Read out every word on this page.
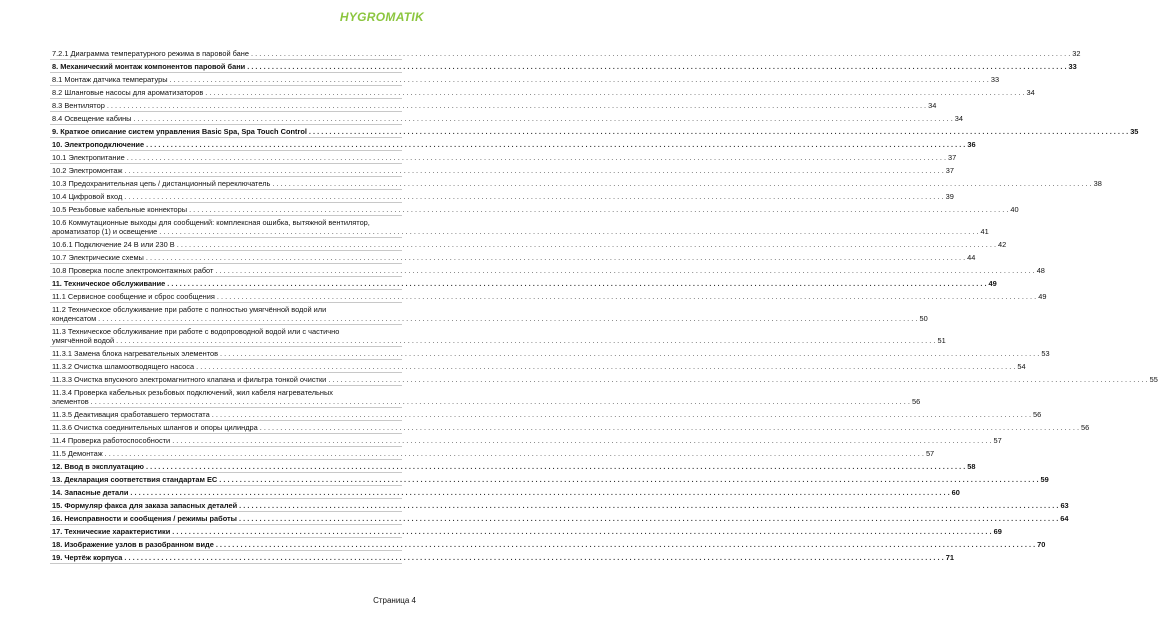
HYGROMATIK
7.2.1 Диаграмма температурного режима в паровой бане . . . . . . . . . . . . . . . . . . . . . . . . . . . . . . . . . . . . . . . . . . . . . . . . . . . . . . . . . . . . . . . . . . . . . . . . . . . . . . . . . . . . . . . . . . . . . . . . . . . . . . . . . . . . . . . . . . . . . . . . . . . . . . . . . . . . . . . . . . . . . . . . . . . . . . . . . . . . . . . . . . . . . . . . . . . . . . . . . . . . . . . . . . . . . . . . . . . . . . . . 32
8. Механический монтаж компонентов паровой бани . . . . . . . . . . . . . . . . . . . . . . . . . . . . . . . . . . . . . . . . . . . . . . . . . . . . . . . . . . . . . . . . . . . . . . . . . . . . . . . . . . . . . . . . . . . . . . . . . . . . . . . . . . . . . . . . . . . . . . . . . . . . . . . . . . . . . . . . . . . . . . . . . . . . . . . . . . . . . . . . . . . . . . . . . . . . . . . . . . . . . . . . . . . . . . . . . . . . . . . . 33
8.1 Монтаж датчика температуры . . . . . . . . . . . . . . . . . . . . . . . . . . . . . . . . . . . . . . . . . . . . . . . . . . . . . . . . . . . . . . . . . . . . . . . . . . . . . . . . . . . . . . . . . . . . . . . . . . . . . . . . . . . . . . . . . . . . . . . . . . . . . . . . . . . . . . . . . . . . . . . . . . . . . . . . . . . . . . . . . . . . . . . . . . . . . . . . . . . . . . . . . . . . . . . . . . . . . . . . 33
8.2 Шланговые насосы для ароматизаторов . . . . . . . . . . . . . . . . . . . . . . . . . . . . . . . . . . . . . . . . . . . . . . . . . . . . . . . . . . . . . . . . . . . . . . . . . . . . . . . . . . . . . . . . . . . . . . . . . . . . . . . . . . . . . . . . . . . . . . . . . . . . . . . . . . . . . . . . . . . . . . . . . . . . . . . . . . . . . . . . . . . . . . . . . . . . . . . . . . . . . . . . . . . . . . . . . . . . . . . . 34
8.3 Вентилятор . . . . . . . . . . . . . . . . . . . . . . . . . . . . . . . . . . . . . . . . . . . . . . . . . . . . . . . . . . . . . . . . . . . . . . . . . . . . . . . . . . . . . . . . . . . . . . . . . . . . . . . . . . . . . . . . . . . . . . . . . . . . . . . . . . . . . . . . . . . . . . . . . . . . . . . . . . . . . . . . . . . . . . . . . . . . . . . . . . . . . . . . . . . . . . . . . . . . . . . . 34
8.4 Освещение кабины . . . . . . . . . . . . . . . . . . . . . . . . . . . . . . . . . . . . . . . . . . . . . . . . . . . . . . . . . . . . . . . . . . . . . . . . . . . . . . . . . . . . . . . . . . . . . . . . . . . . . . . . . . . . . . . . . . . . . . . . . . . . . . . . . . . . . . . . . . . . . . . . . . . . . . . . . . . . . . . . . . . . . . . . . . . . . . . . . . . . . . . . . . . . . . . . . . . . . . . . 34
9. Краткое описание систем управления Basic Spa, Spa Touch Control . . . . . . . . . . . . . . . . . . . . . . . . . . . . . . . . . . . . . . . . . . . . . . . . . . . . . . . . . . . . . . . . . . . . . . . . . . . . . . . . . . . . . . . . . . . . . . . . . . . . . . . . . . . . . . . . . . . . . . . . . . . . . . . . . . . . . . . . . . . . . . . . . . . . . . . . . . . . . . . . . . . . . . . . . . . . . . . . . . . . . . . . . . . . . . . . . . . . . . . . 35
10. Электроподключение . . . . . . . . . . . . . . . . . . . . . . . . . . . . . . . . . . . . . . . . . . . . . . . . . . . . . . . . . . . . . . . . . . . . . . . . . . . . . . . . . . . . . . . . . . . . . . . . . . . . . . . . . . . . . . . . . . . . . . . . . . . . . . . . . . . . . . . . . . . . . . . . . . . . . . . . . . . . . . . . . . . . . . . . . . . . . . . . . . . . . . . . . . . . . . . . . . . . . . . . 36
10.1 Электропитание . . . . . . . . . . . . . . . . . . . . . . . . . . . . . . . . . . . . . . . . . . . . . . . . . . . . . . . . . . . . . . . . . . . . . . . . . . . . . . . . . . . . . . . . . . . . . . . . . . . . . . . . . . . . . . . . . . . . . . . . . . . . . . . . . . . . . . . . . . . . . . . . . . . . . . . . . . . . . . . . . . . . . . . . . . . . . . . . . . . . . . . . . . . . . . . . . . . . . . . . 37
10.2 Электромонтаж . . . . . . . . . . . . . . . . . . . . . . . . . . . . . . . . . . . . . . . . . . . . . . . . . . . . . . . . . . . . . . . . . . . . . . . . . . . . . . . . . . . . . . . . . . . . . . . . . . . . . . . . . . . . . . . . . . . . . . . . . . . . . . . . . . . . . . . . . . . . . . . . . . . . . . . . . . . . . . . . . . . . . . . . . . . . . . . . . . . . . . . . . . . . . . . . . . . . . . . . 37
10.3 Предохранительная цепь / дистанционный переключатель . . . . . . . . . . . . . . . . . . . . . . . . . . . . . . . . . . . . . . . . . . . . . . . . . . . . . . . . . . . . . . . . . . . . . . . . . . . . . . . . . . . . . . . . . . . . . . . . . . . . . . . . . . . . . . . . . . . . . . . . . . . . . . . . . . . . . . . . . . . . . . . . . . . . . . . . . . . . . . . . . . . . . . . . . . . . . . . . . . . . . . . . . . . . . . . . . . . . . . . . 38
10.4 Цифровой вход . . . . . . . . . . . . . . . . . . . . . . . . . . . . . . . . . . . . . . . . . . . . . . . . . . . . . . . . . . . . . . . . . . . . . . . . . . . . . . . . . . . . . . . . . . . . . . . . . . . . . . . . . . . . . . . . . . . . . . . . . . . . . . . . . . . . . . . . . . . . . . . . . . . . . . . . . . . . . . . . . . . . . . . . . . . . . . . . . . . . . . . . . . . . . . . . . . . . . . . . 39
10.5 Резьбовые кабельные коннекторы . . . . . . . . . . . . . . . . . . . . . . . . . . . . . . . . . . . . . . . . . . . . . . . . . . . . . . . . . . . . . . . . . . . . . . . . . . . . . . . . . . . . . . . . . . . . . . . . . . . . . . . . . . . . . . . . . . . . . . . . . . . . . . . . . . . . . . . . . . . . . . . . . . . . . . . . . . . . . . . . . . . . . . . . . . . . . . . . . . . . . . . . . . . . . . . . . . . . . . . . 40
10.6 Коммутационные выходы для сообщений: комплексная ошибка, вытяжной вентилятор,
ароматизатор (1) и освещение . . . . . . . . . . . . . . . . . . . . . . . . . . . . . . . . . . . . . . . . . . . . . . . . . . . . . . . . . . . . . . . . . . . . . . . . . . . . . . . . . . . . . . . . . . . . . . . . . . . . . . . . . . . . . . . . . . . . . . . . . . . . . . . . . . . . . . . . . . . . . . . . . . . . . . . . . . . . . . . . . . . . . . . . . . . . . . . . . . . . . . . . . . . . . . . . . . . . . . . . 41
10.6.1 Подключение 24 В или 230 В . . . . . . . . . . . . . . . . . . . . . . . . . . . . . . . . . . . . . . . . . . . . . . . . . . . . . . . . . . . . . . . . . . . . . . . . . . . . . . . . . . . . . . . . . . . . . . . . . . . . . . . . . . . . . . . . . . . . . . . . . . . . . . . . . . . . . . . . . . . . . . . . . . . . . . . . . . . . . . . . . . . . . . . . . . . . . . . . . . . . . . . . . . . . . . . . . . . . . . . . 42
10.7 Электрические схемы . . . . . . . . . . . . . . . . . . . . . . . . . . . . . . . . . . . . . . . . . . . . . . . . . . . . . . . . . . . . . . . . . . . . . . . . . . . . . . . . . . . . . . . . . . . . . . . . . . . . . . . . . . . . . . . . . . . . . . . . . . . . . . . . . . . . . . . . . . . . . . . . . . . . . . . . . . . . . . . . . . . . . . . . . . . . . . . . . . . . . . . . . . . . . . . . . . . . . . . . 44
10.8 Проверка после электромонтажных работ . . . . . . . . . . . . . . . . . . . . . . . . . . . . . . . . . . . . . . . . . . . . . . . . . . . . . . . . . . . . . . . . . . . . . . . . . . . . . . . . . . . . . . . . . . . . . . . . . . . . . . . . . . . . . . . . . . . . . . . . . . . . . . . . . . . . . . . . . . . . . . . . . . . . . . . . . . . . . . . . . . . . . . . . . . . . . . . . . . . . . . . . . . . . . . . . . . . . . . . . 48
11. Техническое обслуживание . . . . . . . . . . . . . . . . . . . . . . . . . . . . . . . . . . . . . . . . . . . . . . . . . . . . . . . . . . . . . . . . . . . . . . . . . . . . . . . . . . . . . . . . . . . . . . . . . . . . . . . . . . . . . . . . . . . . . . . . . . . . . . . . . . . . . . . . . . . . . . . . . . . . . . . . . . . . . . . . . . . . . . . . . . . . . . . . . . . . . . . . . . . . . . . . . . . . . . . . 49
11.1 Сервисное сообщение и сброс сообщения . . . . . . . . . . . . . . . . . . . . . . . . . . . . . . . . . . . . . . . . . . . . . . . . . . . . . . . . . . . . . . . . . . . . . . . . . . . . . . . . . . . . . . . . . . . . . . . . . . . . . . . . . . . . . . . . . . . . . . . . . . . . . . . . . . . . . . . . . . . . . . . . . . . . . . . . . . . . . . . . . . . . . . . . . . . . . . . . . . . . . . . . . . . . . . . . . . . . . . . . 49
11.2 Техническое обслуживание при работе с полностью умягчённой водой или
конденсатом . . . . . . . . . . . . . . . . . . . . . . . . . . . . . . . . . . . . . . . . . . . . . . . . . . . . . . . . . . . . . . . . . . . . . . . . . . . . . . . . . . . . . . . . . . . . . . . . . . . . . . . . . . . . . . . . . . . . . . . . . . . . . . . . . . . . . . . . . . . . . . . . . . . . . . . . . . . . . . . . . . . . . . . . . . . . . . . . . . . . . . . . . . . . . . . . . . . . . . . . 50
11.3 Техническое обслуживание при работе с водопроводной водой или с частично
умягчённой водой . . . . . . . . . . . . . . . . . . . . . . . . . . . . . . . . . . . . . . . . . . . . . . . . . . . . . . . . . . . . . . . . . . . . . . . . . . . . . . . . . . . . . . . . . . . . . . . . . . . . . . . . . . . . . . . . . . . . . . . . . . . . . . . . . . . . . . . . . . . . . . . . . . . . . . . . . . . . . . . . . . . . . . . . . . . . . . . . . . . . . . . . . . . . . . . . . . . . . . . . 51
11.3.1 Замена блока нагревательных элементов . . . . . . . . . . . . . . . . . . . . . . . . . . . . . . . . . . . . . . . . . . . . . . . . . . . . . . . . . . . . . . . . . . . . . . . . . . . . . . . . . . . . . . . . . . . . . . . . . . . . . . . . . . . . . . . . . . . . . . . . . . . . . . . . . . . . . . . . . . . . . . . . . . . . . . . . . . . . . . . . . . . . . . . . . . . . . . . . . . . . . . . . . . . . . . . . . . . . . . . . 53
11.3.2 Очистка шламоотводящего насоса . . . . . . . . . . . . . . . . . . . . . . . . . . . . . . . . . . . . . . . . . . . . . . . . . . . . . . . . . . . . . . . . . . . . . . . . . . . . . . . . . . . . . . . . . . . . . . . . . . . . . . . . . . . . . . . . . . . . . . . . . . . . . . . . . . . . . . . . . . . . . . . . . . . . . . . . . . . . . . . . . . . . . . . . . . . . . . . . . . . . . . . . . . . . . . . . . . . . . . . . 54
11.3.3 Очистка впускного электромагнитного клапана и фильтра тонкой очистки . . . . . . . . . . . . . . . . . . . . . . . . . . . . . . . . . . . . . . . . . . . . . . . . . . . . . . . . . . . . . . . . . . . . . . . . . . . . . . . . . . . . . . . . . . . . . . . . . . . . . . . . . . . . . . . . . . . . . . . . . . . . . . . . . . . . . . . . . . . . . . . . . . . . . . . . . . . . . . . . . . . . . . . . . . . . . . . . . . . . . . . . . . . . . . . . . . . . . . . . 55
11.3.4 Проверка кабельных резьбовых подключений, жил кабеля нагревательных
элементов . . . . . . . . . . . . . . . . . . . . . . . . . . . . . . . . . . . . . . . . . . . . . . . . . . . . . . . . . . . . . . . . . . . . . . . . . . . . . . . . . . . . . . . . . . . . . . . . . . . . . . . . . . . . . . . . . . . . . . . . . . . . . . . . . . . . . . . . . . . . . . . . . . . . . . . . . . . . . . . . . . . . . . . . . . . . . . . . . . . . . . . . . . . . . . . . . . . . . . . . 56
11.3.5 Деактивация сработавшего термостата . . . . . . . . . . . . . . . . . . . . . . . . . . . . . . . . . . . . . . . . . . . . . . . . . . . . . . . . . . . . . . . . . . . . . . . . . . . . . . . . . . . . . . . . . . . . . . . . . . . . . . . . . . . . . . . . . . . . . . . . . . . . . . . . . . . . . . . . . . . . . . . . . . . . . . . . . . . . . . . . . . . . . . . . . . . . . . . . . . . . . . . . . . . . . . . . . . . . . . . . 56
11.3.6 Очистка соединительных шлангов и опоры цилиндра . . . . . . . . . . . . . . . . . . . . . . . . . . . . . . . . . . . . . . . . . . . . . . . . . . . . . . . . . . . . . . . . . . . . . . . . . . . . . . . . . . . . . . . . . . . . . . . . . . . . . . . . . . . . . . . . . . . . . . . . . . . . . . . . . . . . . . . . . . . . . . . . . . . . . . . . . . . . . . . . . . . . . . . . . . . . . . . . . . . . . . . . . . . . . . . . . . . . . . . . 56
11.4 Проверка работоспособности . . . . . . . . . . . . . . . . . . . . . . . . . . . . . . . . . . . . . . . . . . . . . . . . . . . . . . . . . . . . . . . . . . . . . . . . . . . . . . . . . . . . . . . . . . . . . . . . . . . . . . . . . . . . . . . . . . . . . . . . . . . . . . . . . . . . . . . . . . . . . . . . . . . . . . . . . . . . . . . . . . . . . . . . . . . . . . . . . . . . . . . . . . . . . . . . . . . . . . . . 57
11.5 Демонтаж . . . . . . . . . . . . . . . . . . . . . . . . . . . . . . . . . . . . . . . . . . . . . . . . . . . . . . . . . . . . . . . . . . . . . . . . . . . . . . . . . . . . . . . . . . . . . . . . . . . . . . . . . . . . . . . . . . . . . . . . . . . . . . . . . . . . . . . . . . . . . . . . . . . . . . . . . . . . . . . . . . . . . . . . . . . . . . . . . . . . . . . . . . . . . . . . . . . . . . . . 57
12. Ввод в эксплуатацию . . . . . . . . . . . . . . . . . . . . . . . . . . . . . . . . . . . . . . . . . . . . . . . . . . . . . . . . . . . . . . . . . . . . . . . . . . . . . . . . . . . . . . . . . . . . . . . . . . . . . . . . . . . . . . . . . . . . . . . . . . . . . . . . . . . . . . . . . . . . . . . . . . . . . . . . . . . . . . . . . . . . . . . . . . . . . . . . . . . . . . . . . . . . . . . . . . . . . . . . 58
13. Декларация соответствия стандартам ЕС . . . . . . . . . . . . . . . . . . . . . . . . . . . . . . . . . . . . . . . . . . . . . . . . . . . . . . . . . . . . . . . . . . . . . . . . . . . . . . . . . . . . . . . . . . . . . . . . . . . . . . . . . . . . . . . . . . . . . . . . . . . . . . . . . . . . . . . . . . . . . . . . . . . . . . . . . . . . . . . . . . . . . . . . . . . . . . . . . . . . . . . . . . . . . . . . . . . . . . . . 59
14. Запасные детали . . . . . . . . . . . . . . . . . . . . . . . . . . . . . . . . . . . . . . . . . . . . . . . . . . . . . . . . . . . . . . . . . . . . . . . . . . . . . . . . . . . . . . . . . . . . . . . . . . . . . . . . . . . . . . . . . . . . . . . . . . . . . . . . . . . . . . . . . . . . . . . . . . . . . . . . . . . . . . . . . . . . . . . . . . . . . . . . . . . . . . . . . . . . . . . . . . . . . . . . 60
15. Формуляр факса для заказа запасных деталей . . . . . . . . . . . . . . . . . . . . . . . . . . . . . . . . . . . . . . . . . . . . . . . . . . . . . . . . . . . . . . . . . . . . . . . . . . . . . . . . . . . . . . . . . . . . . . . . . . . . . . . . . . . . . . . . . . . . . . . . . . . . . . . . . . . . . . . . . . . . . . . . . . . . . . . . . . . . . . . . . . . . . . . . . . . . . . . . . . . . . . . . . . . . . . . . . . . . . . . . 63
16. Неисправности и сообщения / режимы работы . . . . . . . . . . . . . . . . . . . . . . . . . . . . . . . . . . . . . . . . . . . . . . . . . . . . . . . . . . . . . . . . . . . . . . . . . . . . . . . . . . . . . . . . . . . . . . . . . . . . . . . . . . . . . . . . . . . . . . . . . . . . . . . . . . . . . . . . . . . . . . . . . . . . . . . . . . . . . . . . . . . . . . . . . . . . . . . . . . . . . . . . . . . . . . . . . . . . . . . . 64
17. Технические характеристики . . . . . . . . . . . . . . . . . . . . . . . . . . . . . . . . . . . . . . . . . . . . . . . . . . . . . . . . . . . . . . . . . . . . . . . . . . . . . . . . . . . . . . . . . . . . . . . . . . . . . . . . . . . . . . . . . . . . . . . . . . . . . . . . . . . . . . . . . . . . . . . . . . . . . . . . . . . . . . . . . . . . . . . . . . . . . . . . . . . . . . . . . . . . . . . . . . . . . . . . 69
18. Изображение узлов в разобранном виде . . . . . . . . . . . . . . . . . . . . . . . . . . . . . . . . . . . . . . . . . . . . . . . . . . . . . . . . . . . . . . . . . . . . . . . . . . . . . . . . . . . . . . . . . . . . . . . . . . . . . . . . . . . . . . . . . . . . . . . . . . . . . . . . . . . . . . . . . . . . . . . . . . . . . . . . . . . . . . . . . . . . . . . . . . . . . . . . . . . . . . . . . . . . . . . . . . . . . . . . 70
19. Чертёж корпуса . . . . . . . . . . . . . . . . . . . . . . . . . . . . . . . . . . . . . . . . . . . . . . . . . . . . . . . . . . . . . . . . . . . . . . . . . . . . . . . . . . . . . . . . . . . . . . . . . . . . . . . . . . . . . . . . . . . . . . . . . . . . . . . . . . . . . . . . . . . . . . . . . . . . . . . . . . . . . . . . . . . . . . . . . . . . . . . . . . . . . . . . . . . . . . . . . . . . . . . . 71
Страница 4
